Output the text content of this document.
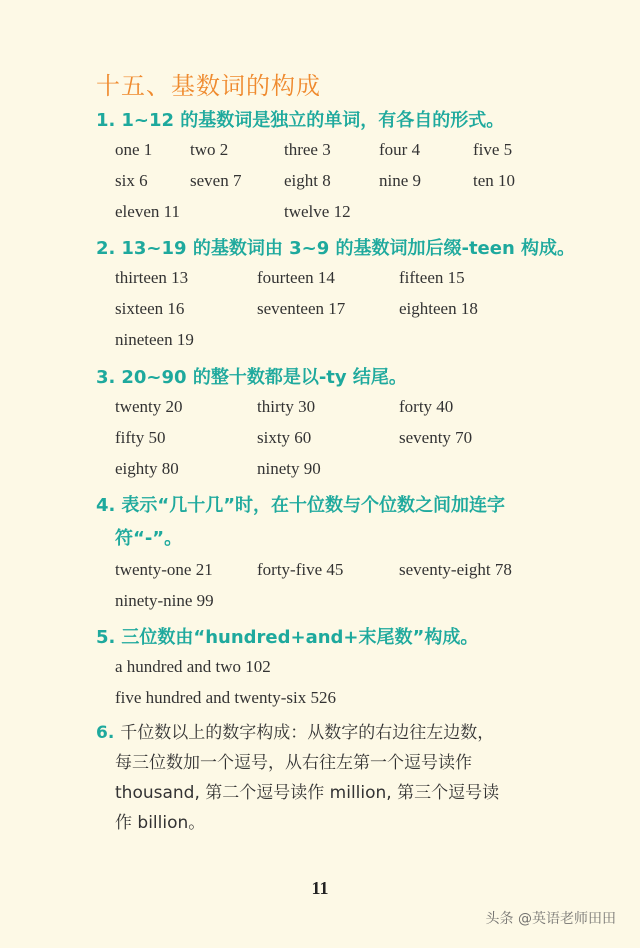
十五、基数词的构成
1. 1~12 的基数词是独立的单词，有各自的形式。
one 1 two 2	three 3	four 4	five 5
six 6 seven 7	eight 8	nine 9	ten 10
eleven 11	twelve 12
2. 13~19 的基数词由 3~9 的基数词加后缀-teen 构成。
thirteen 13	fourteen 14	fifteen 15
sixteen 16	seventeen 17	eighteen 18
nineteen 19
3. 20~90 的整十数都是以-ty 结尾。
twenty 20	thirty 30	forty 40
fifty 50	sixty 60	seventy 70
eighty 80	ninety 90
4. 表示“几十几”时，在十位数与个位数之间加连字
符“-”。
twenty-one 21	forty-five 45	seventy-eight 78
ninety-nine 99
5. 三位数由“hundred+and+末尾数”构成。
a hundred and two 102
five hundred and twenty-six 526
6. 千位数以上的数字构成：从数字的右边往左边数，
每三位数加一个逗号，从右往左第一个逗号读作
thousand, 第二个逗号读作 million, 第三个逗号读
作 billion。
11
头条 @英语老师田田
